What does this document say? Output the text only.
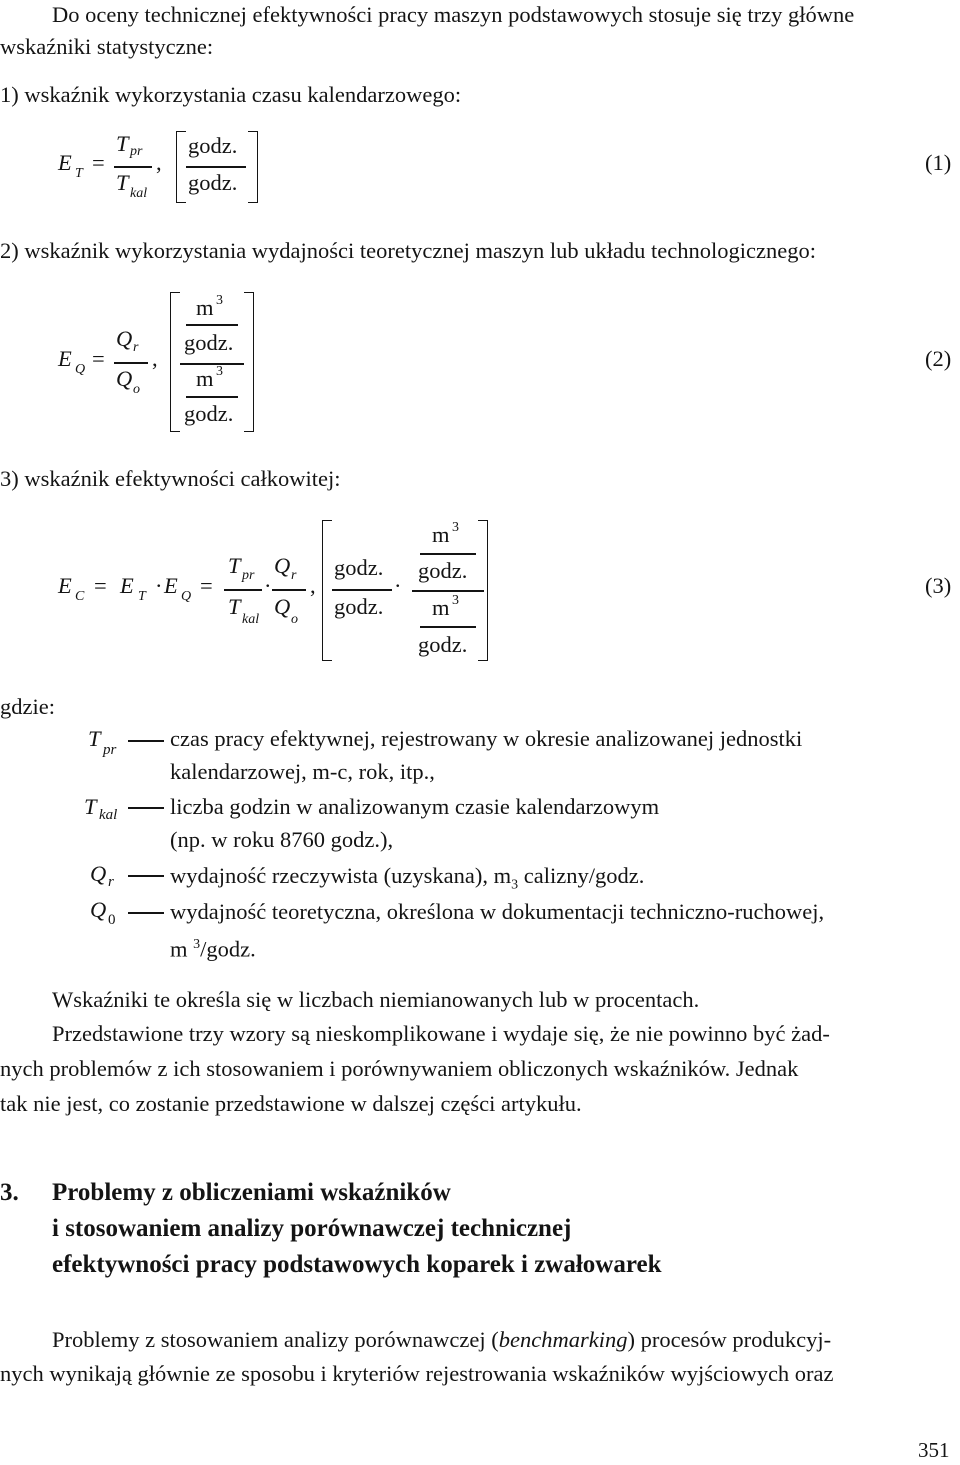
Do oceny technicznej efektywności pracy maszyn podstawowych stosuje się trzy główne
wskaźniki statystyczne:
1) wskaźnik wykorzystania czasu kalendarzowego:
E T =
T pr
T kal
,
godz.
godz.
(1)
2) wskaźnik wykorzystania wydajności teoretycznej maszyn lub układu technologicznego:
E Q =
Q r
Q o
,
m 3
godz.
m 3
godz.
(2)
3) wskaźnik efektywności całkowitej:
E C = E T · E Q =
T pr
T
kal
·
Q r
Q
o
,
godz.
godz.
·
m 3
godz.
m 3
godz.
(3)
gdzie:
T pr czas pracy efektywnej, rejestrowany w okresie analizowanej jednostki
kalendarzowej, m-c, rok, itp.,
T kal liczba godzin w analizowanym czasie kalendarzowym
(np. w roku 8760 godz.),
Q r wydajność rzeczywista (uzyskana), $m_3$ calizny/godz.
Q 0 wydajność teoretyczna, określona w dokumentacji techniczno-ruchowej,
m $^3$/godz.
Wskaźniki te określa się w liczbach niemianowanych lub w procentach.
Przedstawione trzy wzory są nieskomplikowane i wydaje się, że nie powinno być żad-
nych problemów z ich stosowaniem i porównywaniem obliczonych wskaźników. Jednak
tak nie jest, co zostanie przedstawione w dalszej części artykułu.
3. Problemy z obliczeniami wskaźników
i stosowaniem analizy porównawczej technicznej
efektywności pracy podstawowych koparek i zwałowarek
Problemy z stosowaniem analizy porównawczej (benchmarking) procesów produkcyj-
nych wynikają głównie ze sposobu i kryteriów rejestrowania wskaźników wyjściowych oraz
351
